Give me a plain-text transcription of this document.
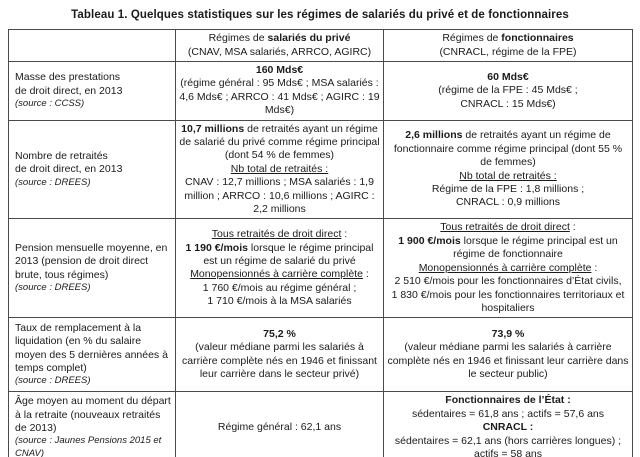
Tableau 1. Quelques statistiques sur les régimes de salariés du privé et de fonctionnaires
	Régimes de salariés du privé
(CNAV, MSA salariés, ARRCO, AGIRC)	Régimes de fonctionnaires
(CNRACL, régime de la FPE)

Masse des prestations
de droit direct, en 2013
(source : CCSS)
	160 Mds€
(régime général : 95 Mds€ ; MSA salariés : 4,6 Mds€ ; ARRCO : 41 Mds€ ; AGIRC : 19 Mds€)	60 Mds€
(régime de la FPE : 45 Mds€ ;
CNRACL : 15 Mds€)

Nombre de retraités
de droit direct, en 2013
(source : DREES)
	10,7 millions de retraités ayant un régime de salarié du privé comme régime principal (dont 54 % de femmes)
Nb total de retraités :
CNAV : 12,7 millions ; MSA salariés : 1,9 million ; ARRCO : 10,6 millions ; AGIRC : 2,2 millions	2,6 millions de retraités ayant un régime de fonctionnaire comme régime principal (dont 55 % de femmes)
Nb total de retraités :
Régime de la FPE : 1,8 millions ;
CNRACL : 0,9 millions

Pension mensuelle moyenne, en 2013 (pension de droit direct brute, tous régimes)
(source : DREES)
	Tous retraités de droit direct :
1 190 €/mois lorsque le régime principal est un régime de salarié du privé
Monopensionnés à carrière complète :
1 760 €/mois au régime général ;
1 710 €/mois à la MSA salariés	Tous retraités de droit direct :
1 900 €/mois lorsque le régime principal est un régime de fonctionnaire
Monopensionnés à carrière complète :
2 510 €/mois pour les fonctionnaires d’État civils,
1 830 €/mois pour les fonctionnaires territoriaux et hospitaliers

Taux de remplacement à la liquidation (en % du salaire moyen des 5 dernières années à temps complet)
(source : DREES)
	75,2 %
(valeur médiane parmi les salariés à carrière complète nés en 1946 et finissant leur carrière dans le secteur privé)	73,9 %
(valeur médiane parmi les salariés à carrière complète nés en 1946 et finissant leur carrière dans le secteur public)

Âge moyen au moment du départ à la retraite (nouveaux retraités de 2013)
(source : Jaunes Pensions 2015 et CNAV)
	Régime général : 62,1 ans	Fonctionnaires de l’État :
sédentaires = 61,8 ans ; actifs = 57,6 ans
CNRACL :
sédentaires = 62,1 ans (hors carrières longues) ;
actifs = 58 ans
